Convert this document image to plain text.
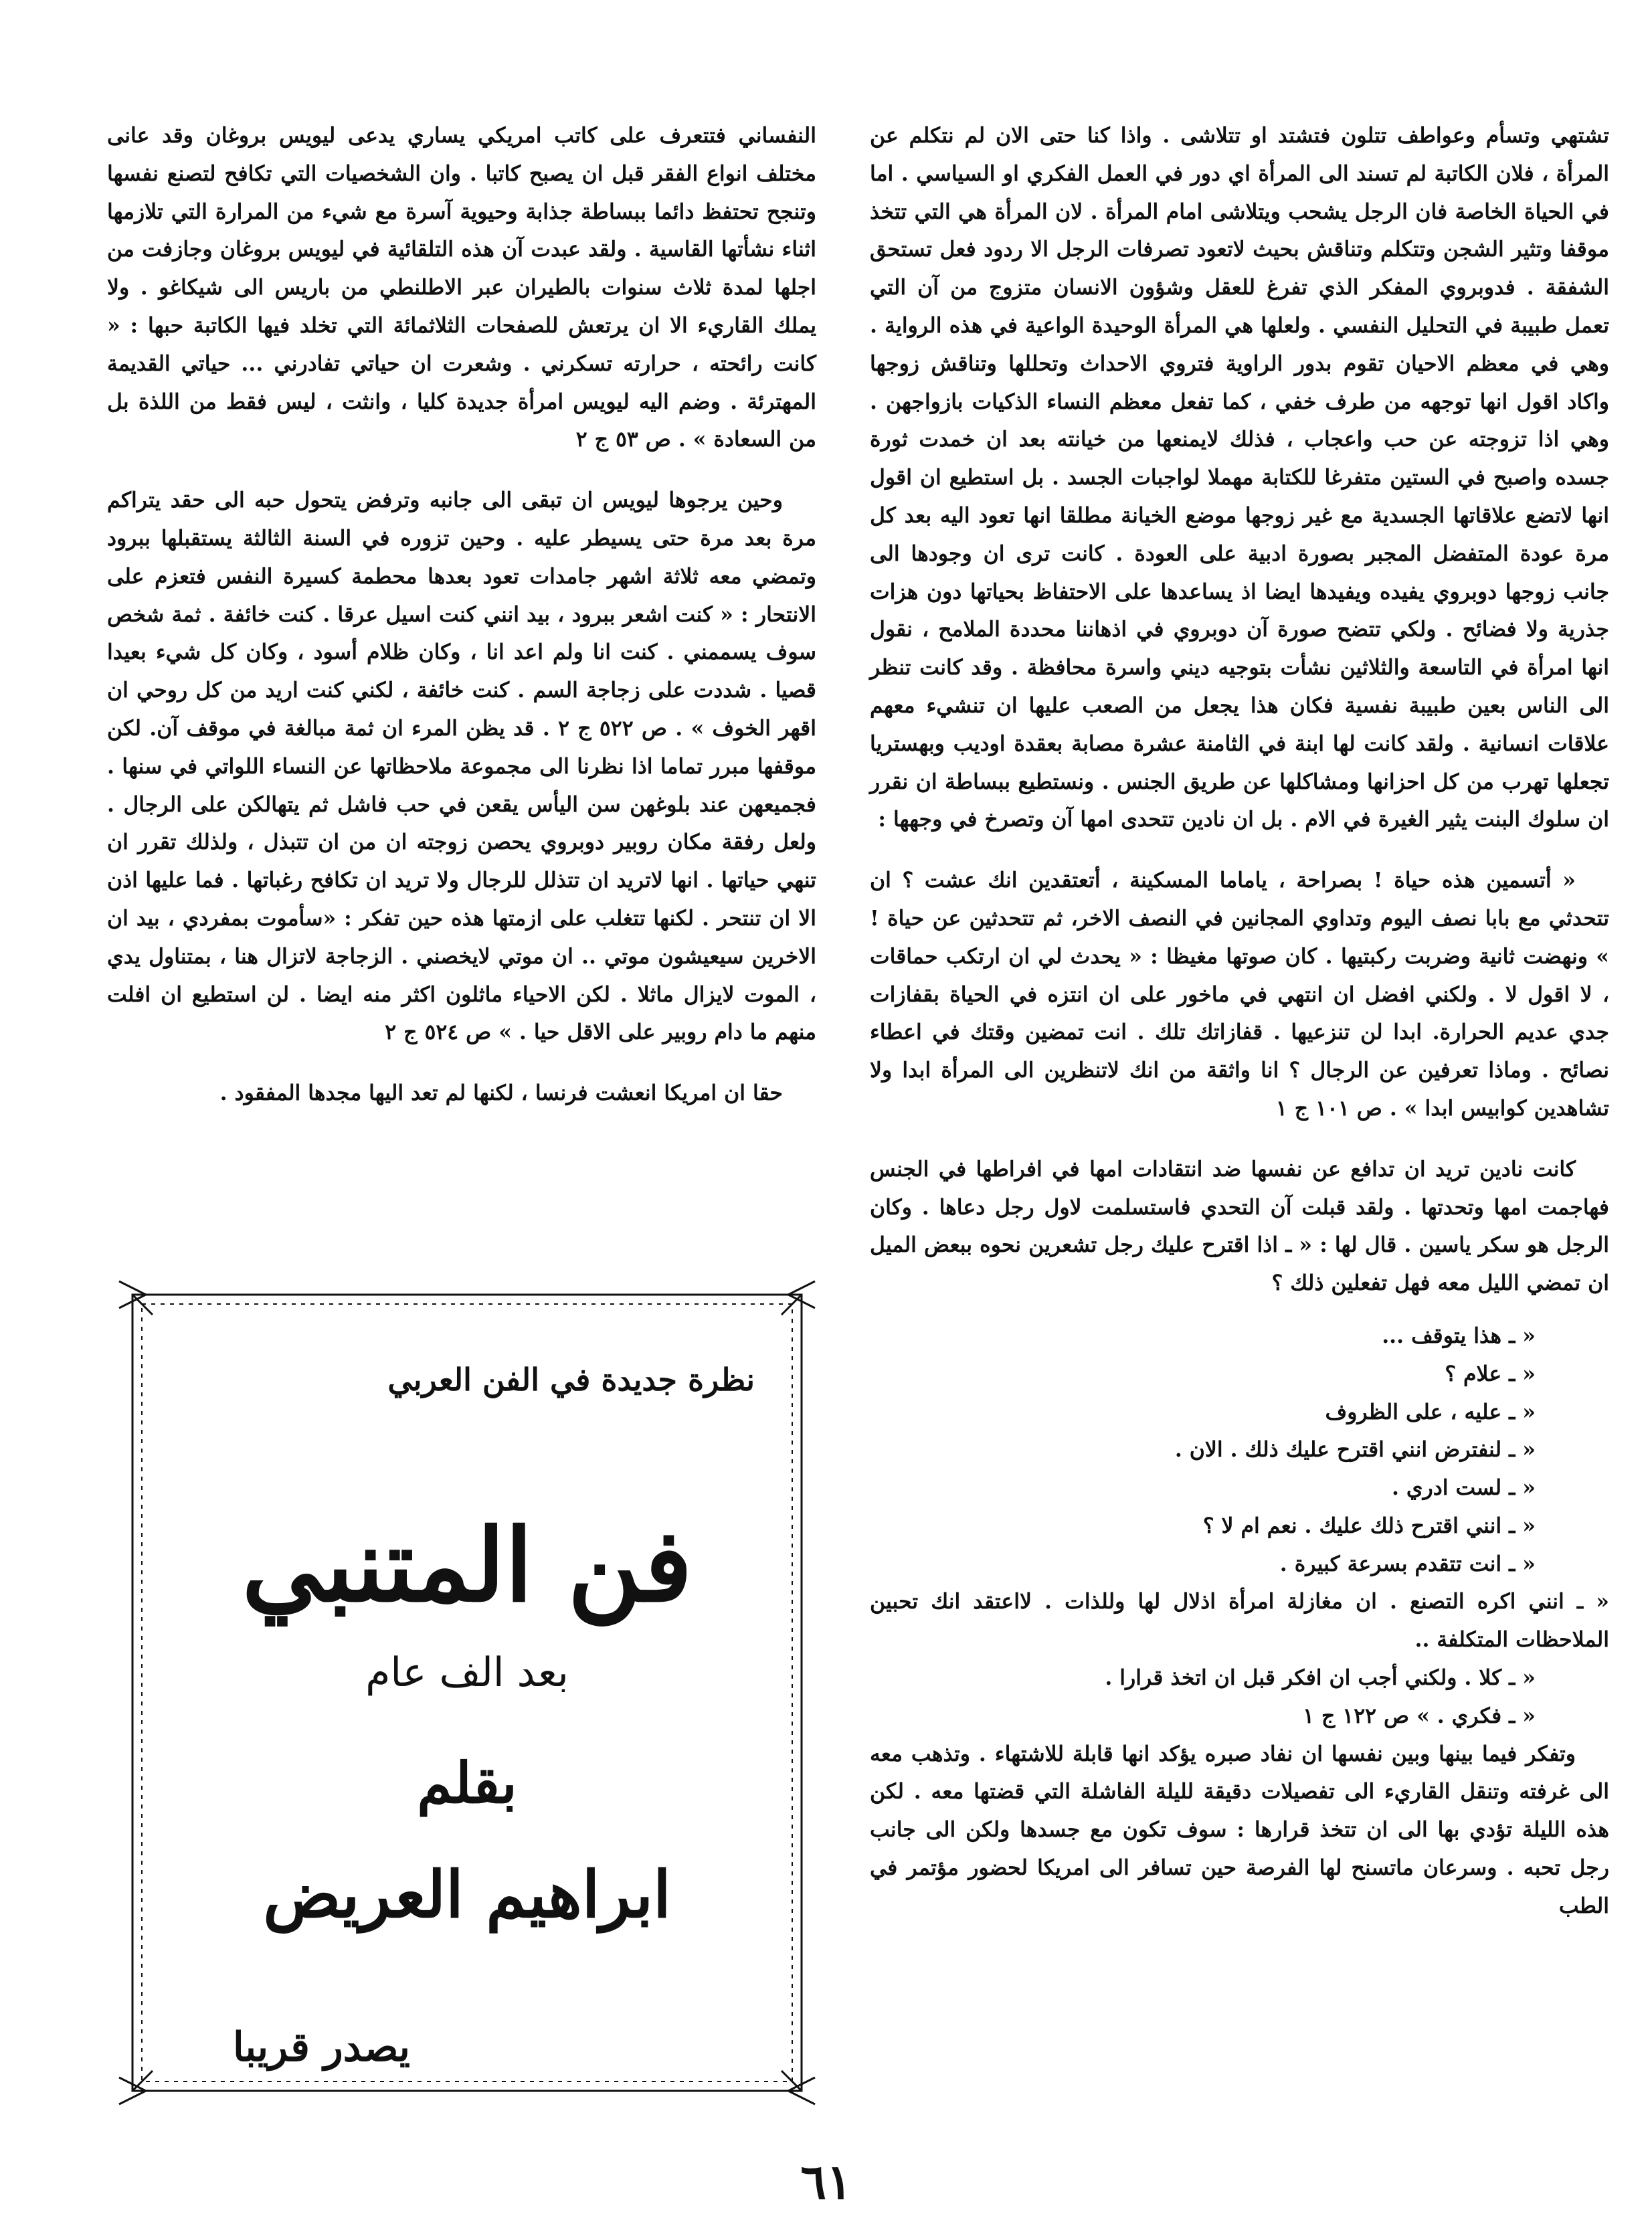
تشتهي وتسأم وعواطف تتلون فتشتد او تتلاشى . واذا كنا حتى الان لم نتكلم عن المرأة ، فلان الكاتبة لم تسند الى المرأة اي دور في العمل الفكري او السياسي . اما في الحياة الخاصة فان الرجل يشحب ويتلاشى امام المرأة . لان المرأة هي التي تتخذ موقفا وتثير الشجن وتتكلم وتناقش بحيث لاتعود تصرفات الرجل الا ردود فعل تستحق الشفقة . فدوبروي المفكر الذي تفرغ للعقل وشؤون الانسان متزوج من آن التي تعمل طبيبة في التحليل النفسي . ولعلها هي المرأة الوحيدة الواعية في هذه الرواية . وهي في معظم الاحيان تقوم بدور الراوية فتروي الاحداث وتحللها وتناقش زوجها واكاد اقول انها توجهه من طرف خفي ، كما تفعل معظم النساء الذكيات بازواجهن . وهي اذا تزوجته عن حب واعجاب ، فذلك لايمنعها من خيانته بعد ان خمدت ثورة جسده واصبح في الستين متفرغا للكتابة مهملا لواجبات الجسد . بل استطيع ان اقول انها لاتضع علاقاتها الجسدية مع غير زوجها موضع الخيانة مطلقا انها تعود اليه بعد كل مرة عودة المتفضل المجبر بصورة ادبية على العودة . كانت ترى ان وجودها الى جانب زوجها دوبروي يفيده ويفيدها ايضا اذ يساعدها على الاحتفاظ بحياتها دون هزات جذرية ولا فضائح . ولكي تتضح صورة آن دوبروي في اذهاننا محددة الملامح ، نقول انها امرأة في التاسعة والثلاثين نشأت بتوجيه ديني واسرة محافظة . وقد كانت تنظر الى الناس بعين طبيبة نفسية فكان هذا يجعل من الصعب عليها ان تنشيء معهم علاقات انسانية . ولقد كانت لها ابنة في الثامنة عشرة مصابة بعقدة اوديب وبهستريا تجعلها تهرب من كل احزانها ومشاكلها عن طريق الجنس . ونستطيع ببساطة ان نقرر ان سلوك البنت يثير الغيرة في الام . بل ان نادين تتحدى امها آن وتصرخ في وجهها :

« أتسمين هذه حياة ! بصراحة ، ياماما المسكينة ، أتعتقدين انك عشت ؟ ان تتحدثي مع بابا نصف اليوم وتداوي المجانين في النصف الاخر، ثم تتحدثين عن حياة ! » ونهضت ثانية وضربت ركبتيها . كان صوتها مغيظا : « يحدث لي ان ارتكب حماقات ، لا اقول لا . ولكني افضل ان انتهي في ماخور على ان انتزه في الحياة بقفازات جدي عديم الحرارة. ابدا لن تنزعيها . قفازاتك تلك . انت تمضين وقتك في اعطاء نصائح . وماذا تعرفين عن الرجال ؟ انا واثقة من انك لاتنظرين الى المرأة ابدا ولا تشاهدين كوابيس ابدا » . ص ١٠١ ج ١

كانت نادين تريد ان تدافع عن نفسها ضد انتقادات امها في افراطها في الجنس فهاجمت امها وتحدتها . ولقد قبلت آن التحدي فاستسلمت لاول رجل دعاها . وكان الرجل هو سكر ياسين . قال لها : « ـ اذا اقترح عليك رجل تشعرين نحوه ببعض الميل ان تمضي الليل معه فهل تفعلين ذلك ؟

« ـ هذا يتوقف ...

« ـ علام ؟

« ـ عليه ، على الظروف

« ـ لنفترض انني اقترح عليك ذلك . الان .

« ـ لست ادري .

« ـ انني اقترح ذلك عليك . نعم ام لا ؟

« ـ انت تتقدم بسرعة كبيرة .

« ـ انني اكره التصنع . ان مغازلة امرأة اذلال لها وللذات . لااعتقد انك تحبين الملاحظات المتكلفة ..

« ـ كلا . ولكني أجب ان افكر قبل ان اتخذ قرارا .

« ـ فكري . » ص ١٢٢ ج ١

وتفكر فيما بينها وبين نفسها ان نفاد صبره يؤكد انها قابلة للاشتهاء . وتذهب معه الى غرفته وتنقل القاريء الى تفصيلات دقيقة لليلة الفاشلة التي قضتها معه . لكن هذه الليلة تؤدي بها الى ان تتخذ قرارها : سوف تكون مع جسدها ولكن الى جانب رجل تحبه . وسرعان ماتسنح لها الفرصة حين تسافر الى امريكا لحضور مؤتمر في الطب

النفساني فتتعرف على كاتب امريكي يساري يدعى ليويس بروغان وقد عانى مختلف انواع الفقر قبل ان يصبح كاتبا . وان الشخصيات التي تكافح لتصنع نفسها وتنجح تحتفظ دائما ببساطة جذابة وحيوية آسرة مع شيء من المرارة التي تلازمها اثناء نشأتها القاسية . ولقد عبدت آن هذه التلقائية في ليويس بروغان وجازفت من اجلها لمدة ثلاث سنوات بالطيران عبر الاطلنطي من باريس الى شيكاغو . ولا يملك القاريء الا ان يرتعش للصفحات الثلاثمائة التي تخلد فيها الكاتبة حبها : « كانت رائحته ، حرارته تسكرني . وشعرت ان حياتي تفادرني ... حياتي القديمة المهترئة . وضم اليه ليويس امرأة جديدة كليا ، وانثت ، ليس فقط من اللذة بل من السعادة » . ص ٥٣ ج ٢

وحين يرجوها ليويس ان تبقى الى جانبه وترفض يتحول حبه الى حقد يتراكم مرة بعد مرة حتى يسيطر عليه . وحين تزوره في السنة الثالثة يستقبلها ببرود وتمضي معه ثلاثة اشهر جامدات تعود بعدها محطمة كسيرة النفس فتعزم على الانتحار : « كنت اشعر ببرود ، بيد انني كنت اسيل عرقا . كنت خائفة . ثمة شخص سوف يسممني . كنت انا ولم اعد انا ، وكان ظلام أسود ، وكان كل شيء بعيدا قصيا . شددت على زجاجة السم . كنت خائفة ، لكني كنت اريد من كل روحي ان اقهر الخوف » . ص ٥٢٢ ج ٢ . قد يظن المرء ان ثمة مبالغة في موقف آن. لكن موقفها مبرر تماما اذا نظرنا الى مجموعة ملاحظاتها عن النساء اللواتي في سنها . فجميعهن عند بلوغهن سن اليأس يقعن في حب فاشل ثم يتهالكن على الرجال . ولعل رفقة مكان روبير دوبروي يحصن زوجته ان من ان تتبذل ، ولذلك تقرر ان تنهي حياتها . انها لاتريد ان تتذلل للرجال ولا تريد ان تكافح رغباتها . فما عليها اذن الا ان تنتحر . لكنها تتغلب على ازمتها هذه حين تفكر : «سأموت بمفردي ، بيد ان الاخرين سيعيشون موتي .. ان موتي لايخصني . الزجاجة لاتزال هنا ، بمتناول يدي ، الموت لايزال ماثلا . لكن الاحياء ماثلون اكثر منه ايضا . لن استطيع ان افلت منهم ما دام روبير على الاقل حيا . » ص ٥٢٤ ج ٢

حقا ان امريكا انعشت فرنسا ، لكنها لم تعد اليها مجدها المفقود .

نظرة جديدة في الفن العربي
فن المتنبي
بعد الف عام
بقلم
ابراهيم العريض
يصدر قريبا
٦١
